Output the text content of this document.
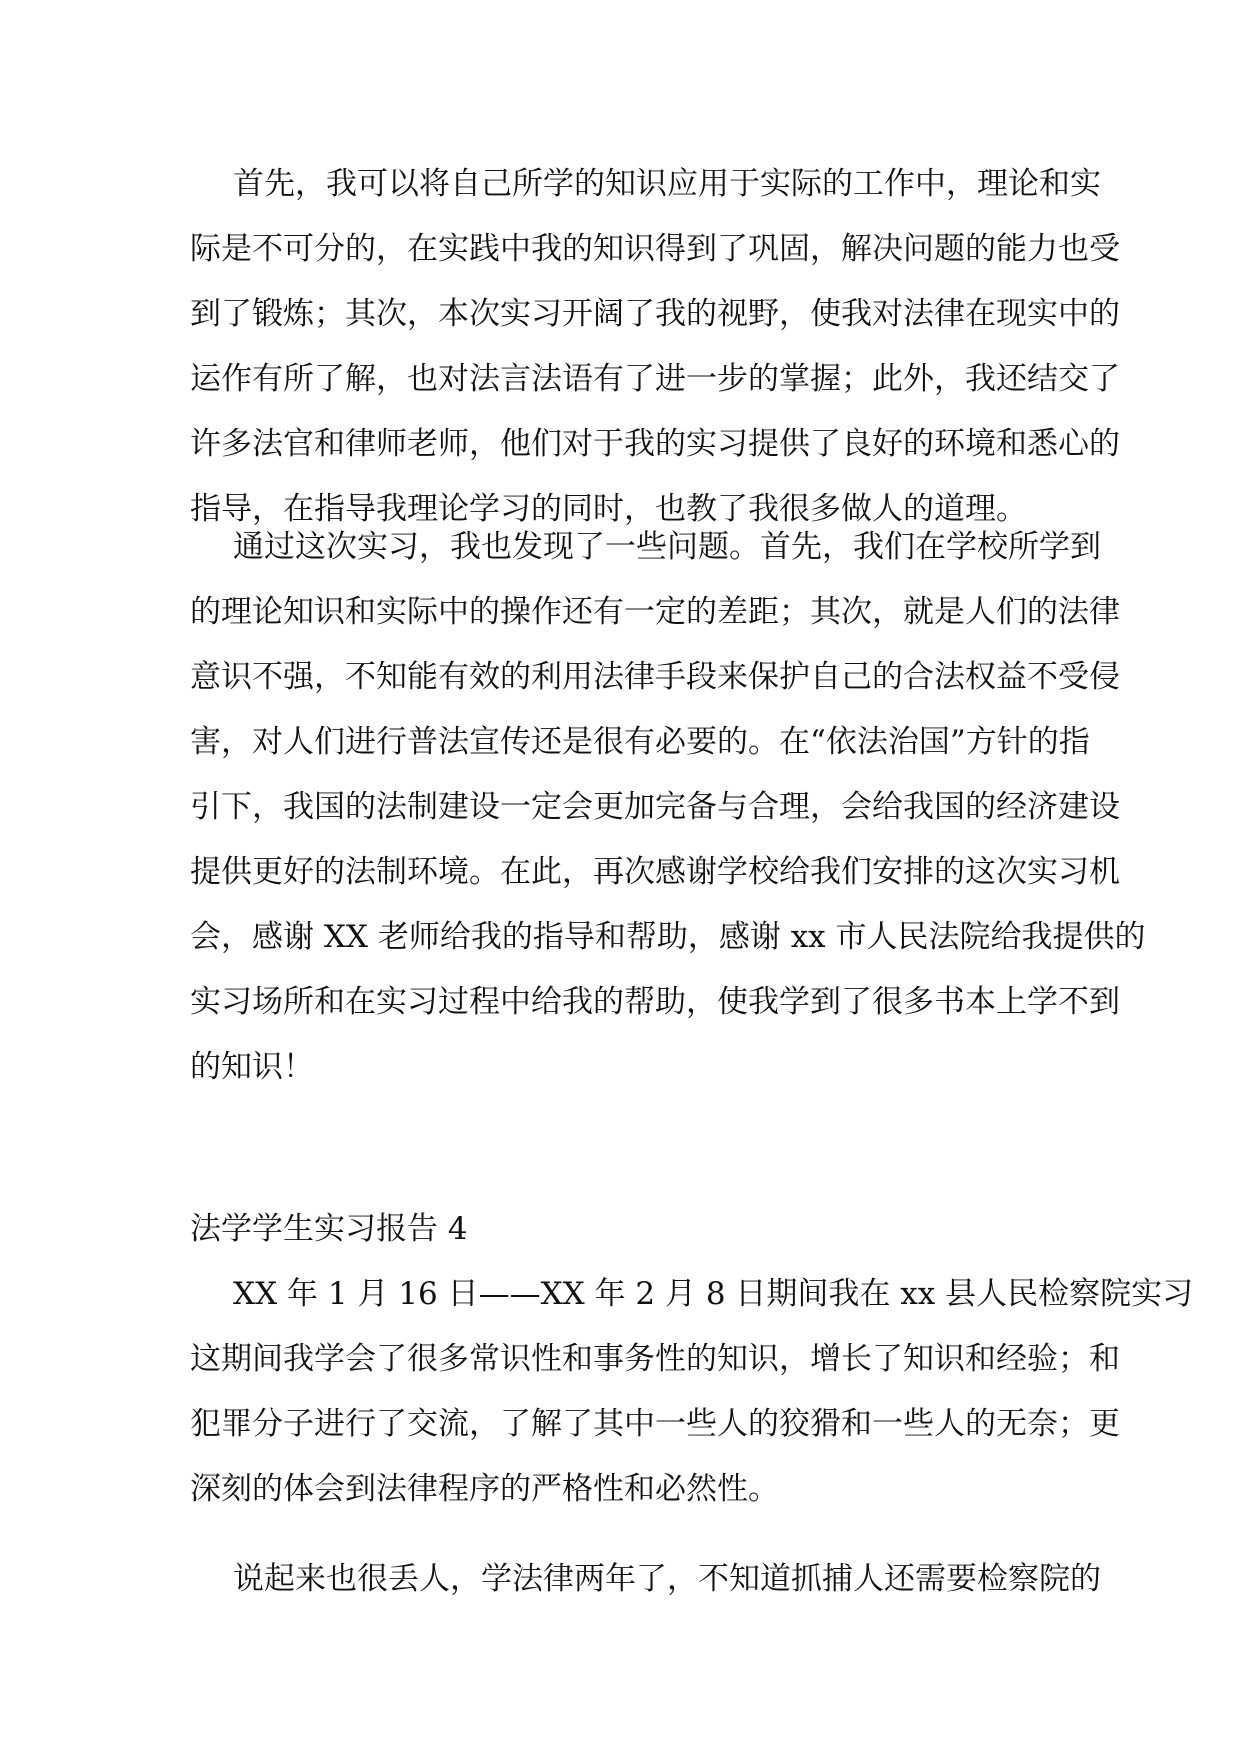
首先，我可以将自己所学的知识应用于实际的工作中，理论和实
际是不可分的，在实践中我的知识得到了巩固，解决问题的能力也受
到了锻炼；其次，本次实习开阔了我的视野，使我对法律在现实中的
运作有所了解，也对法言法语有了进一步的掌握；此外，我还结交了
许多法官和律师老师，他们对于我的实习提供了良好的环境和悉心的
指导，在指导我理论学习的同时，也教了我很多做人的道理。
通过这次实习，我也发现了一些问题。首先，我们在学校所学到
的理论知识和实际中的操作还有一定的差距；其次，就是人们的法律
意识不强，不知能有效的利用法律手段来保护自己的合法权益不受侵
害，对人们进行普法宣传还是很有必要的。在“依法治国”方针的指
引下，我国的法制建设一定会更加完备与合理，会给我国的经济建设
提供更好的法制环境。在此，再次感谢学校给我们安排的这次实习机
会，感谢 XX 老师给我的指导和帮助，感谢 xx 市人民法院给我提供的
实习场所和在实习过程中给我的帮助，使我学到了很多书本上学不到
的知识！
法学学生实习报告 4
XX 年 1 月 16 日——XX 年 2 月 8 日期间我在 xx 县人民检察院实习
这期间我学会了很多常识性和事务性的知识，增长了知识和经验；和
犯罪分子进行了交流，了解了其中一些人的狡猾和一些人的无奈；更
深刻的体会到法律程序的严格性和必然性。
说起来也很丢人，学法律两年了，不知道抓捕人还需要检察院的
